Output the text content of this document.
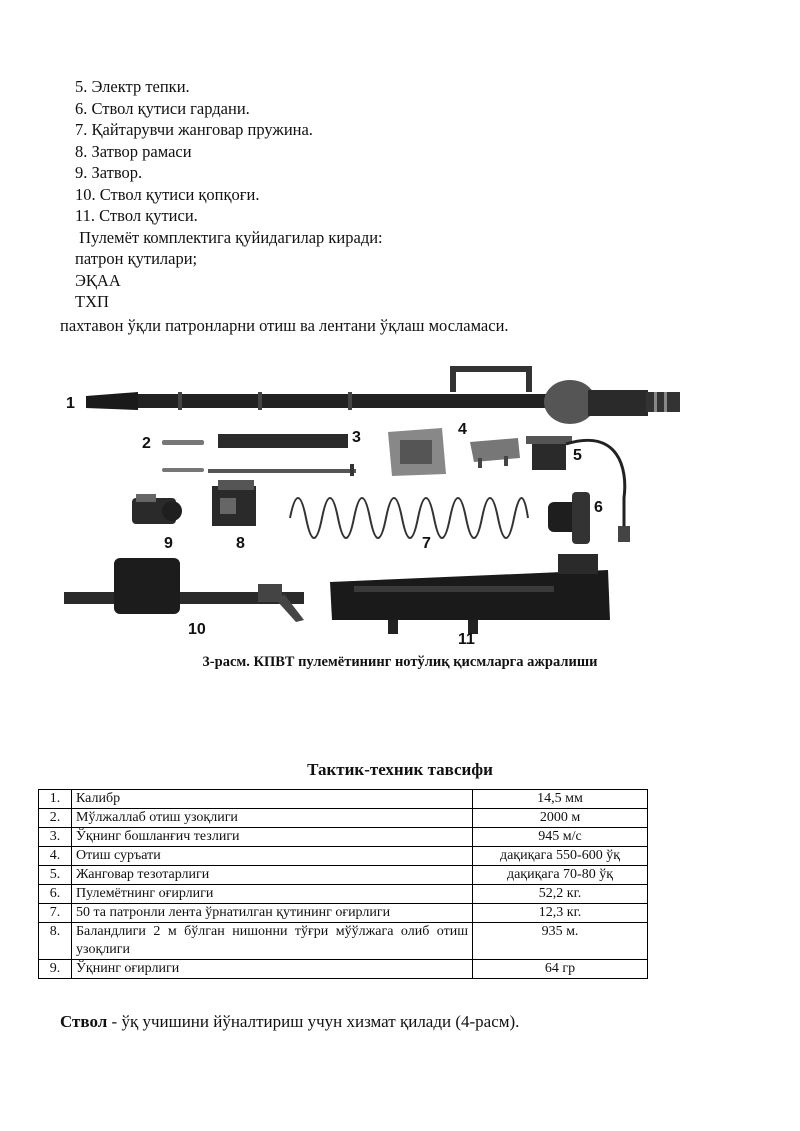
5. Электр тепки.
6. Ствол қутиси гардани.
7. Қайтарувчи жанговар пружина.
8. Затвор рамаси
9. Затвор.
10. Ствол қутиси қопқоғи.
11. Ствол қутиси.
Пулемёт комплектига қуйидагилар киради:
патрон қутилари;
ЭҚАА
ТХП
пахтавон ўқли патронларни отиш ва лентани ўқлаш мосламаси.
1
2	3	4
5
6
7
8
9
10
11
3-расм. КПВТ пулемётининг нотўлиқ қисмларга ажралиши
Тактик-техник тавсифи
1.	Калибр	14,5 мм
2.	Мўлжаллаб отиш узоқлиги	2000 м
3.	Ўқнинг бошланғич тезлиги	945 м/с
4.	Отиш суръати	дақиқага 550-600 ўқ
5.	Жанговар тезотарлиги	дақиқага 70-80 ўқ
6.	Пулемётнинг оғирлиги	52,2 кг.
7.	50 та патронли лента ўрнатилган қутининг оғирлиги	12,3 кг.
8.	Баландлиги 2 м бўлган нишонни тўғри мўўлжага олиб отиш узоқлиги	935 м.
9.	Ўқнинг оғирлиги	64 гр
Ствол - ўқ учишини йўналтириш учун хизмат қилади (4-расм).
